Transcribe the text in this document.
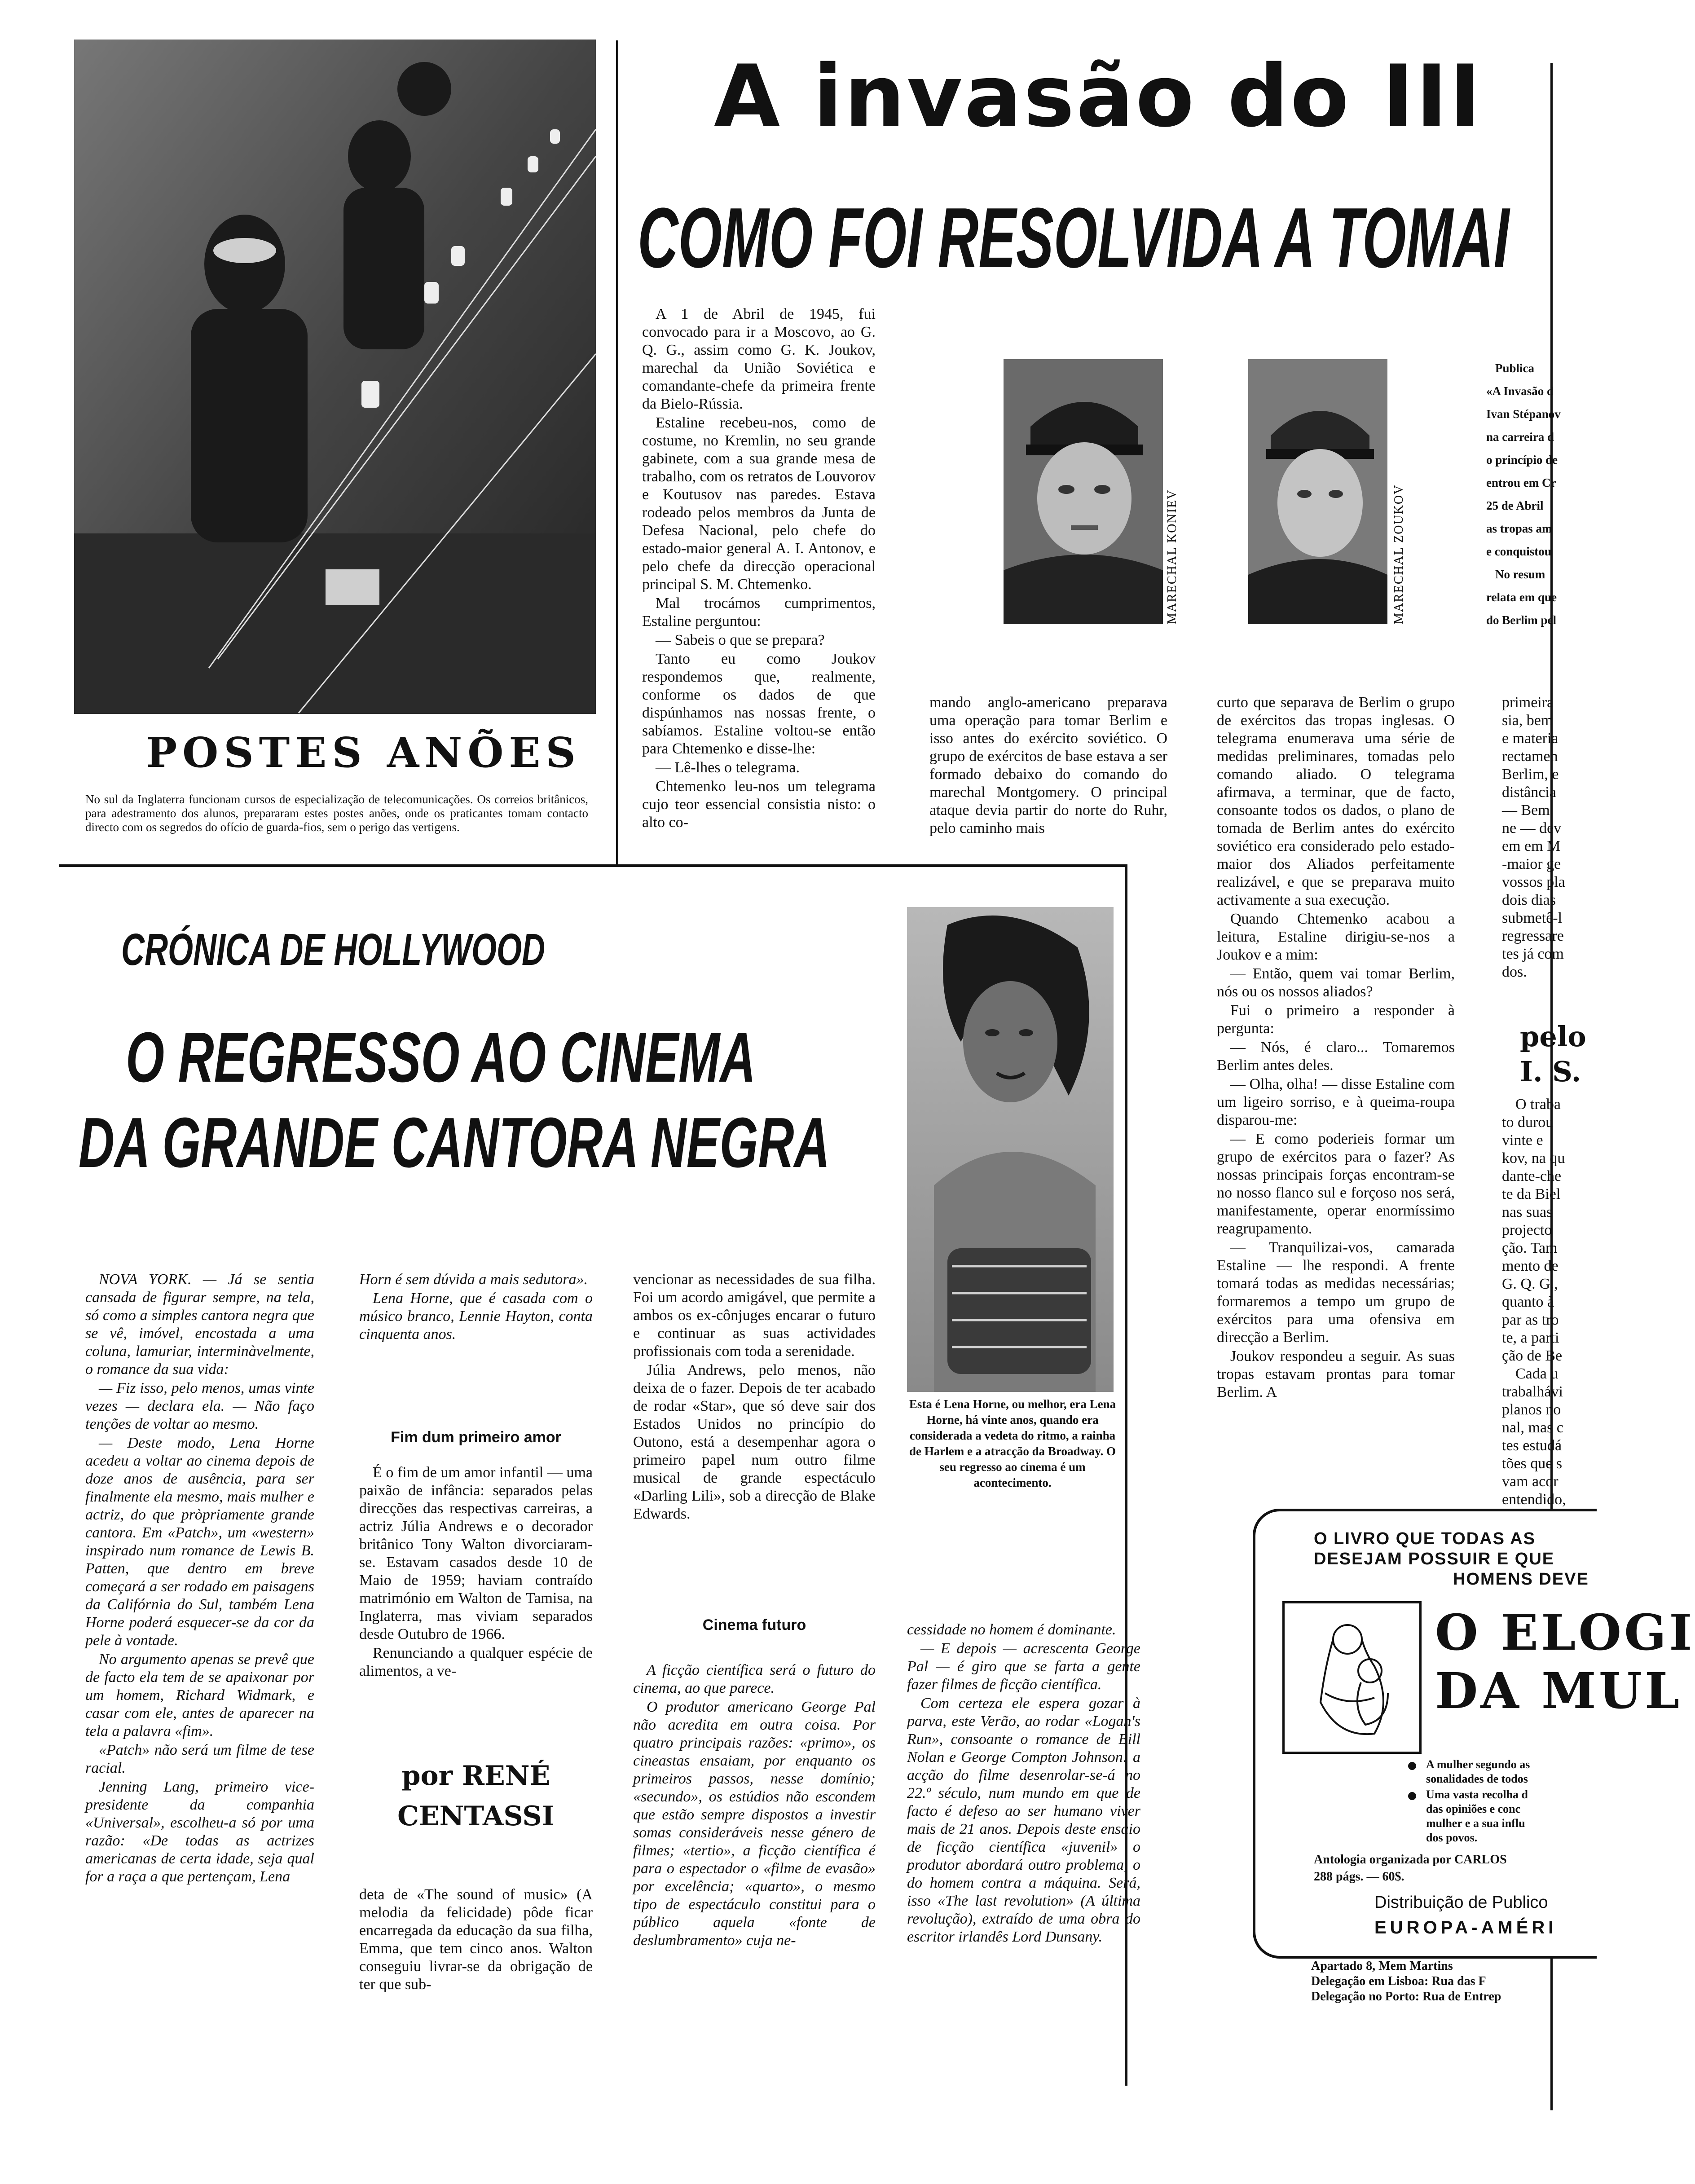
POSTES ANÕES
No sul da Inglaterra funcionam cursos de especialização de telecomunicações. Os correios britânicos, para adestramento dos alunos, prepararam estes postes anões, onde os praticantes tomam contacto directo com os segredos do ofício de guarda-fios, sem o perigo das vertigens.
A invasão do III
COMO FOI RESOLVIDA A TOMAI

A 1 de Abril de 1945, fui convocado para ir a Moscovo, ao G. Q. G., assim como G. K. Joukov, marechal da União Soviética e comandante-chefe da primeira frente da Bielo-Rússia.

Estaline recebeu-nos, como de costume, no Kremlin, no seu grande gabinete, com a sua grande mesa de trabalho, com os retratos de Louvorov e Koutusov nas paredes. Estava rodeado pelos membros da Junta de Defesa Nacional, pelo chefe do estado-maior general A. I. Antonov, e pelo chefe da direcção operacional principal S. M. Chtemenko.

Mal trocámos cumprimentos, Estaline perguntou:

— Sabeis o que se prepara?

Tanto eu como Joukov respondemos que, realmente, conforme os dados de que dispúnhamos nas nossas frente, o sabíamos. Estaline voltou-se então para Chtemenko e disse-lhe:

— Lê-lhes o telegrama.

Chtemenko leu-nos um telegrama cujo teor essencial consistia nisto: o alto co-

MARECHAL KONIEV	MARECHAL ZOUKOV

mando anglo-americano preparava uma operação para tomar Berlim e isso antes do exército soviético. O grupo de exércitos de base estava a ser formado debaixo do comando do marechal Montgomery. O principal ataque devia partir do norte do Ruhr, pelo caminho mais

curto que separava de Berlim o grupo de exércitos das tropas inglesas. O telegrama enumerava uma série de medidas preliminares, tomadas pelo comando aliado. O telegrama afirmava, a terminar, que de facto, consoante todos os dados, o plano de tomada de Berlim antes do exército soviético era considerado pelo estado-maior dos Aliados perfeitamente realizável, e que se preparava muito activamente a sua execução.

Quando Chtemenko acabou a leitura, Estaline dirigiu-se-nos a Joukov e a mim:

— Então, quem vai tomar Berlim, nós ou os nossos aliados?

Fui o primeiro a responder à pergunta:

— Nós, é claro... Tomaremos Berlim antes deles.

— Olha, olha! — disse Estaline com um ligeiro sorriso, e à queima-roupa disparou-me:

— E como poderieis formar um grupo de exércitos para o fazer? As nossas principais forças encontram-se no nosso flanco sul e forçoso nos será, manifestamente, operar enormíssimo reagrupamento.

— Tranquilizai-vos, camarada Estaline — lhe respondi. A frente tomará todas as medidas necessárias; formaremos a tempo um grupo de exércitos para uma ofensiva em direcção a Berlim.

Joukov respondeu a seguir. As suas tropas estavam prontas para tomar Berlim. A

Publica
«A Invasão d
Ivan Stépanov
na carreira d
o princípio de
entrou em Cr
25 de Abril
as tropas am
e conquistou
No resum
relata em que
do Berlim pel
primeira
sia, bem
e materia
rectamen
Berlim, e
distância
— Bem
ne — dev
em em M
-maior ge
vossos pla
dois dias
submetê-l
regressare
tes já com
dos.
pelo
I. S.
O traba
to durou
vinte e
kov, na qu
dante-che
te da Biel
nas suas
projecto
ção. Tam
mento de
G. Q. G.,
quanto à
par as tro
te, a parti
ção de Be
Cada u
trabalhávi
planos no
nal, mas c
tes estudá
tões que s
vam acor
entendido,
CRÓNICA DE HOLLYWOOD
O REGRESSO AO CINEMA
DA GRANDE CANTORA NEGRA
Esta é Lena Horne, ou melhor, era Lena Horne, há vinte anos, quando era considerada a vedeta do ritmo, a rainha de Harlem e a atracção da Broadway. O seu regresso ao cinema é um acontecimento.

NOVA YORK. — Já se sentia cansada de figurar sempre, na tela, só como a simples cantora negra que se vê, imóvel, encostada a uma coluna, lamuriar, interminàvelmente, o romance da sua vida:

— Fiz isso, pelo menos, umas vinte vezes — declara ela. — Não faço tenções de voltar ao mesmo.

— Deste modo, Lena Horne acedeu a voltar ao cinema depois de doze anos de ausência, para ser finalmente ela mesmo, mais mulher e actriz, do que pròpriamente grande cantora. Em «Patch», um «western» inspirado num romance de Lewis B. Patten, que dentro em breve começará a ser rodado em paisagens da Califórnia do Sul, também Lena Horne poderá esquecer-se da cor da pele à vontade.

No argumento apenas se prevê que de facto ela tem de se apaixonar por um homem, Richard Widmark, e casar com ele, antes de aparecer na tela a palavra «fim».

«Patch» não será um filme de tese racial.

Jenning Lang, primeiro vice-presidente da companhia «Universal», escolheu-a só por uma razão: «De todas as actrizes americanas de certa idade, seja qual for a raça a que pertençam, Lena

Horn é sem dúvida a mais sedutora».

Lena Horne, que é casada com o músico branco, Lennie Hayton, conta cinquenta anos.

Fim dum primeiro amor

É o fim de um amor infantil — uma paixão de infância: separados pelas direcções das respectivas carreiras, a actriz Júlia Andrews e o decorador britânico Tony Walton divorciaram-se. Estavam casados desde 10 de Maio de 1959; haviam contraído matrimónio em Walton de Tamisa, na Inglaterra, mas viviam separados desde Outubro de 1966.

Renunciando a qualquer espécie de alimentos, a ve-

por RENÉ
CENTASSI

deta de «The sound of music» (A melodia da felicidade) pôde ficar encarregada da educação da sua filha, Emma, que tem cinco anos. Walton conseguiu livrar-se da obrigação de ter que sub-

vencionar as necessidades de sua filha. Foi um acordo amigável, que permite a ambos os ex-cônjuges encarar o futuro e continuar as suas actividades profissionais com toda a serenidade.

Júlia Andrews, pelo menos, não deixa de o fazer. Depois de ter acabado de rodar «Star», que só deve sair dos Estados Unidos no princípio do Outono, está a desempenhar agora o primeiro papel num outro filme musical de grande espectáculo «Darling Lili», sob a direcção de Blake Edwards.

Cinema futuro

A ficção científica será o futuro do cinema, ao que parece.

O produtor americano George Pal não acredita em outra coisa. Por quatro principais razões: «primo», os cineastas ensaiam, por enquanto os primeiros passos, nesse domínio; «secundo», os estúdios não escondem que estão sempre dispostos a investir somas consideráveis nesse género de filmes; «tertio», a ficção científica é para o espectador o «filme de evasão» por excelência; «quarto», o mesmo tipo de espectáculo constitui para o público aquela «fonte de deslumbramento» cuja ne-

cessidade no homem é dominante.

— E depois — acrescenta George Pal — é giro que se farta a gente fazer filmes de ficção científica.

Com certeza ele espera gozar à parva, este Verão, ao rodar «Logan's Run», consoante o romance de Bill Nolan e George Compton Johnson: a acção do filme desenrolar-se-á no 22.º século, num mundo em que de facto é defeso ao ser humano viver mais de 21 anos. Depois deste ensaio de ficção científica «juvenil» o produtor abordará outro problema, o do homem contra a máquina. Será, isso «The last revolution» (A última revolução), extraído de uma obra do escritor irlandês Lord Dunsany.

O LIVRO QUE TODAS AS
DESEJAM POSSUIR E QUE
HOMENS DEVE
O ELOGI
DA MUL
A mulher segundo as
sonalidades de todos
Uma vasta recolha d
das opiniões e conc
mulher e a sua influ
dos povos.
Antologia organizada por CARLOS
288 págs. — 60$.
Distribuição de Publico
EUROPA-AMÉRI
Apartado 8, Mem Martins
Delegação em Lisboa: Rua das F
Delegação no Porto: Rua de Entrep
